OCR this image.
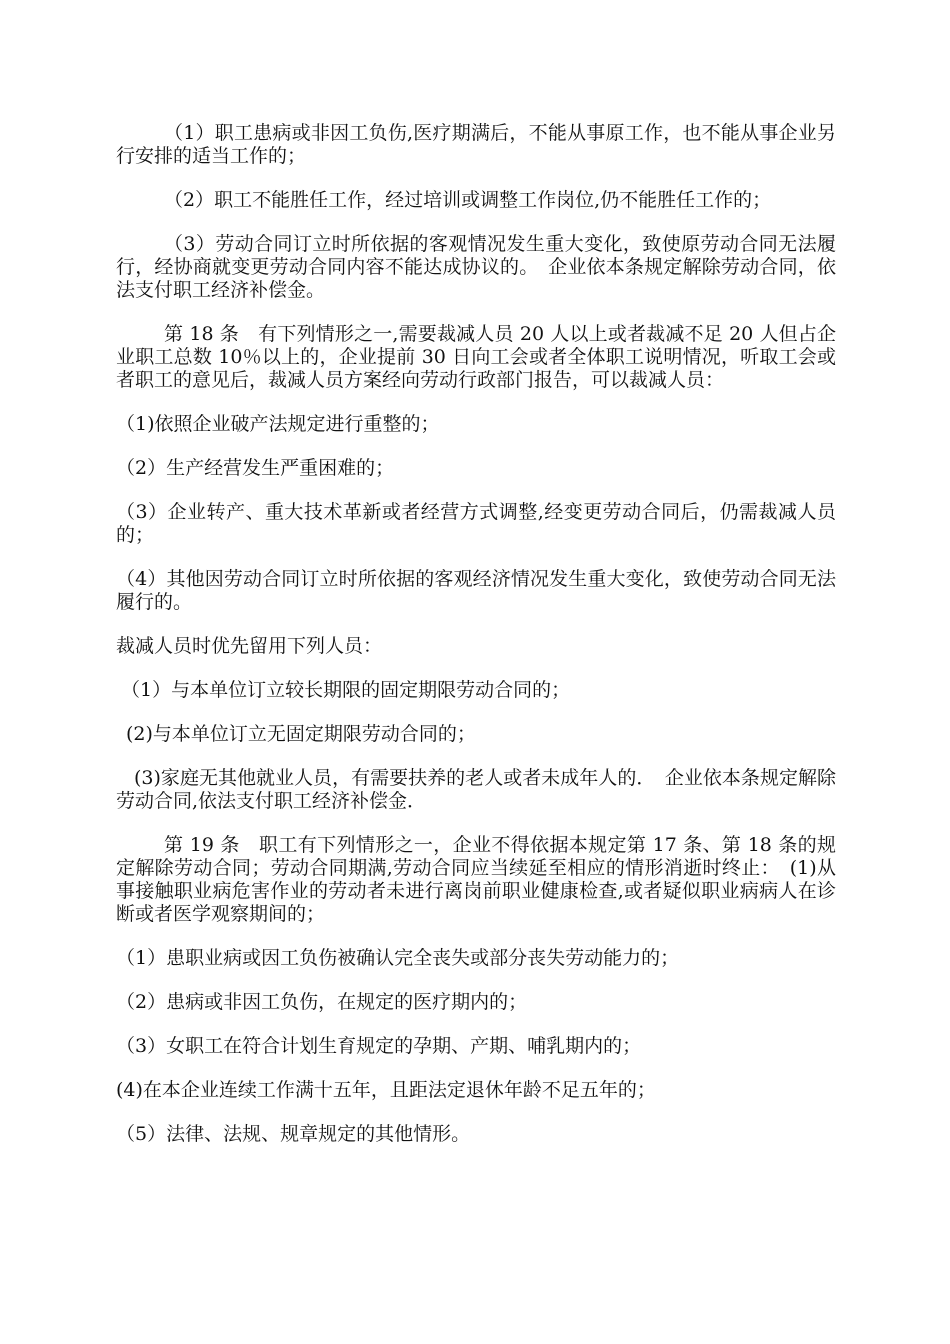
（1）职工患病或非因工负伤,医疗期满后，不能从事原工作，也不能从事企业另行安排的适当工作的；

（2）职工不能胜任工作，经过培训或调整工作岗位,仍不能胜任工作的；

（3）劳动合同订立时所依据的客观情况发生重大变化，致使原劳动合同无法履行，经协商就变更劳动合同内容不能达成协议的。　企业依本条规定解除劳动合同，依法支付职工经济补偿金。

第 18 条　有下列情形之一,需要裁减人员 20 人以上或者裁减不足 20 人但占企业职工总数 10％以上的，企业提前 30 日向工会或者全体职工说明情况，听取工会或者职工的意见后，裁减人员方案经向劳动行政部门报告，可以裁减人员：

（1)依照企业破产法规定进行重整的；

（2）生产经营发生严重困难的；

（3）企业转产、重大技术革新或者经营方式调整,经变更劳动合同后，仍需裁减人员的；

（4）其他因劳动合同订立时所依据的客观经济情况发生重大变化，致使劳动合同无法履行的。

裁减人员时优先留用下列人员：

（1）与本单位订立较长期限的固定期限劳动合同的；

(2)与本单位订立无固定期限劳动合同的；

(3)家庭无其他就业人员，有需要扶养的老人或者未成年人的．　企业依本条规定解除劳动合同,依法支付职工经济补偿金．

第 19 条　职工有下列情形之一，企业不得依据本规定第 17 条、第 18 条的规定解除劳动合同；劳动合同期满,劳动合同应当续延至相应的情形消逝时终止：　(1)从事接触职业病危害作业的劳动者未进行离岗前职业健康检查,或者疑似职业病病人在诊断或者医学观察期间的；

（1）患职业病或因工负伤被确认完全丧失或部分丧失劳动能力的；

（2）患病或非因工负伤，在规定的医疗期内的；

（3）女职工在符合计划生育规定的孕期、产期、哺乳期内的；

(4)在本企业连续工作满十五年，且距法定退休年龄不足五年的；

（5）法律、法规、规章规定的其他情形。
